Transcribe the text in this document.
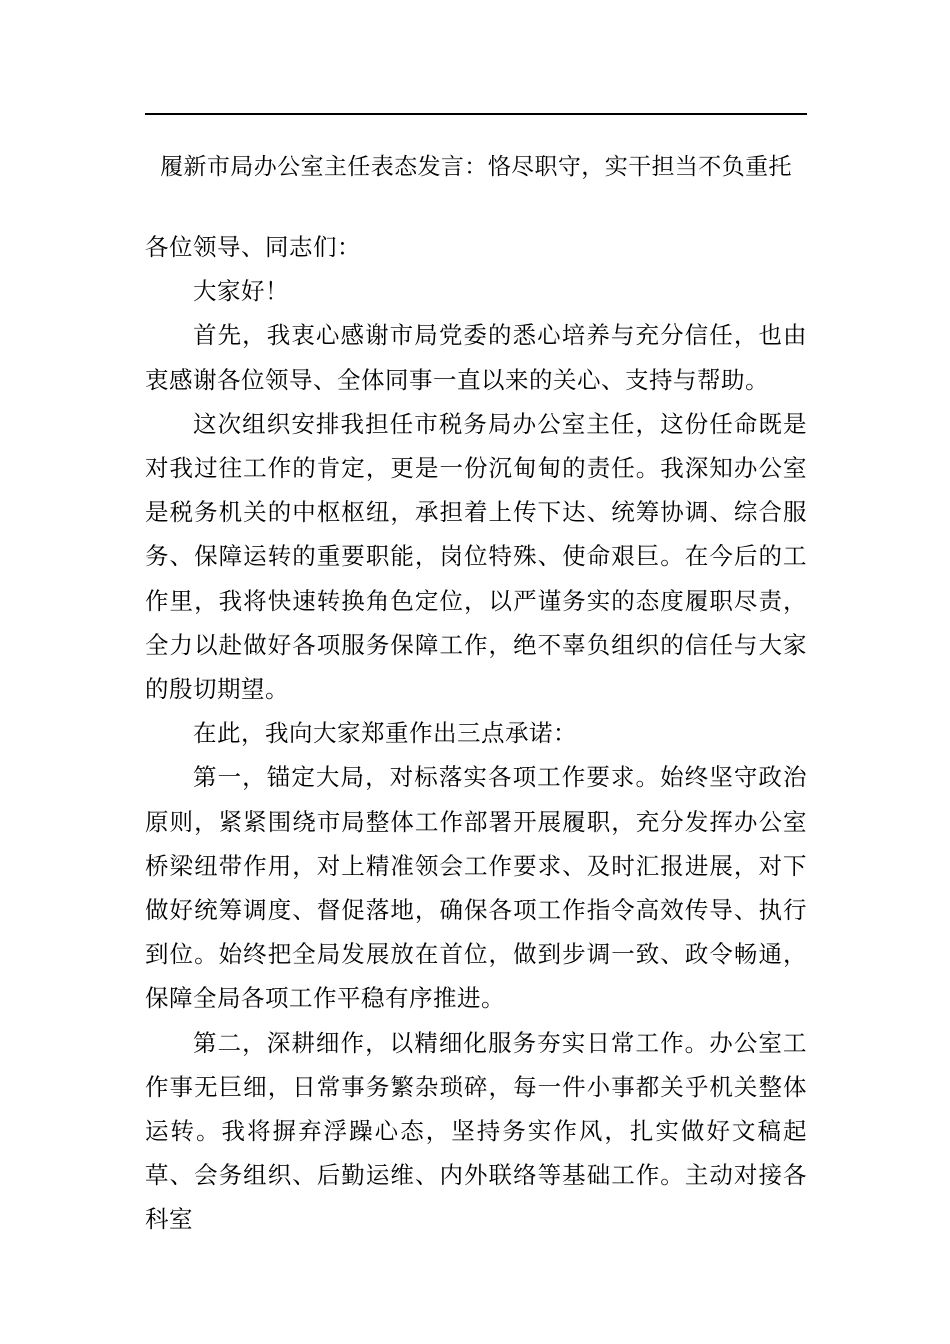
履新市局办公室主任表态发言：恪尽职守，实干担当不负重托

各位领导、同志们：

大家好！

首先，我衷心感谢市局党委的悉心培养与充分信任，也由衷感谢各位领导、全体同事一直以来的关心、支持与帮助。

这次组织安排我担任市税务局办公室主任，这份任命既是对我过往工作的肯定，更是一份沉甸甸的责任。我深知办公室是税务机关的中枢枢纽，承担着上传下达、统筹协调、综合服务、保障运转的重要职能，岗位特殊、使命艰巨。在今后的工作里，我将快速转换角色定位，以严谨务实的态度履职尽责，全力以赴做好各项服务保障工作，绝不辜负组织的信任与大家的殷切期望。

在此，我向大家郑重作出三点承诺：

第一，锚定大局，对标落实各项工作要求。始终坚守政治原则，紧紧围绕市局整体工作部署开展履职，充分发挥办公室桥梁纽带作用，对上精准领会工作要求、及时汇报进展，对下做好统筹调度、督促落地，确保各项工作指令高效传导、执行到位。始终把全局发展放在首位，做到步调一致、政令畅通，保障全局各项工作平稳有序推进。

第二，深耕细作，以精细化服务夯实日常工作。办公室工作事无巨细，日常事务繁杂琐碎，每一件小事都关乎机关整体运转。我将摒弃浮躁心态，坚持务实作风，扎实做好文稿起草、会务组织、后勤运维、内外联络等基础工作。主动对接各科室
